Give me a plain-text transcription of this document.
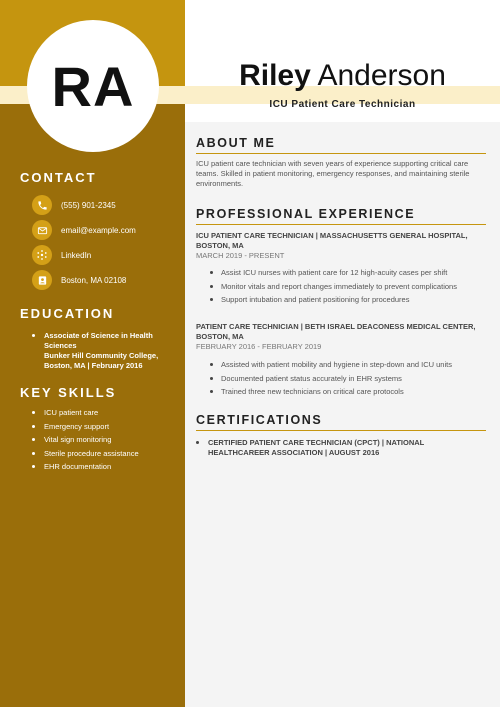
RA	Riley Anderson
ICU Patient Care Technician
CONTACT
(555) 901-2345
email@example.com
LinkedIn
Boston, MA 02108
EDUCATION
Associate of Science in Health Sciences
Bunker Hill Community College, Boston, MA | February 2016
KEY SKILLS
ICU patient care
Emergency support
Vital sign monitoring
Sterile procedure assistance
EHR documentation
ABOUT ME
ICU patient care technician with seven years of experience supporting critical care teams. Skilled in patient monitoring, emergency responses, and maintaining sterile environments.
PROFESSIONAL EXPERIENCE
ICU PATIENT CARE TECHNICIAN | MASSACHUSETTS GENERAL HOSPITAL, BOSTON, MA
MARCH 2019 - PRESENT
Assist ICU nurses with patient care for 12 high-acuity cases per shift
Monitor vitals and report changes immediately to prevent complications
Support intubation and patient positioning for procedures
PATIENT CARE TECHNICIAN | BETH ISRAEL DEACONESS MEDICAL CENTER, BOSTON, MA
FEBRUARY 2016 - FEBRUARY 2019
Assisted with patient mobility and hygiene in step-down and ICU units
Documented patient status accurately in EHR systems
Trained three new technicians on critical care protocols
CERTIFICATIONS
CERTIFIED PATIENT CARE TECHNICIAN (CPCT) | NATIONAL HEALTHCAREER ASSOCIATION | AUGUST 2016
